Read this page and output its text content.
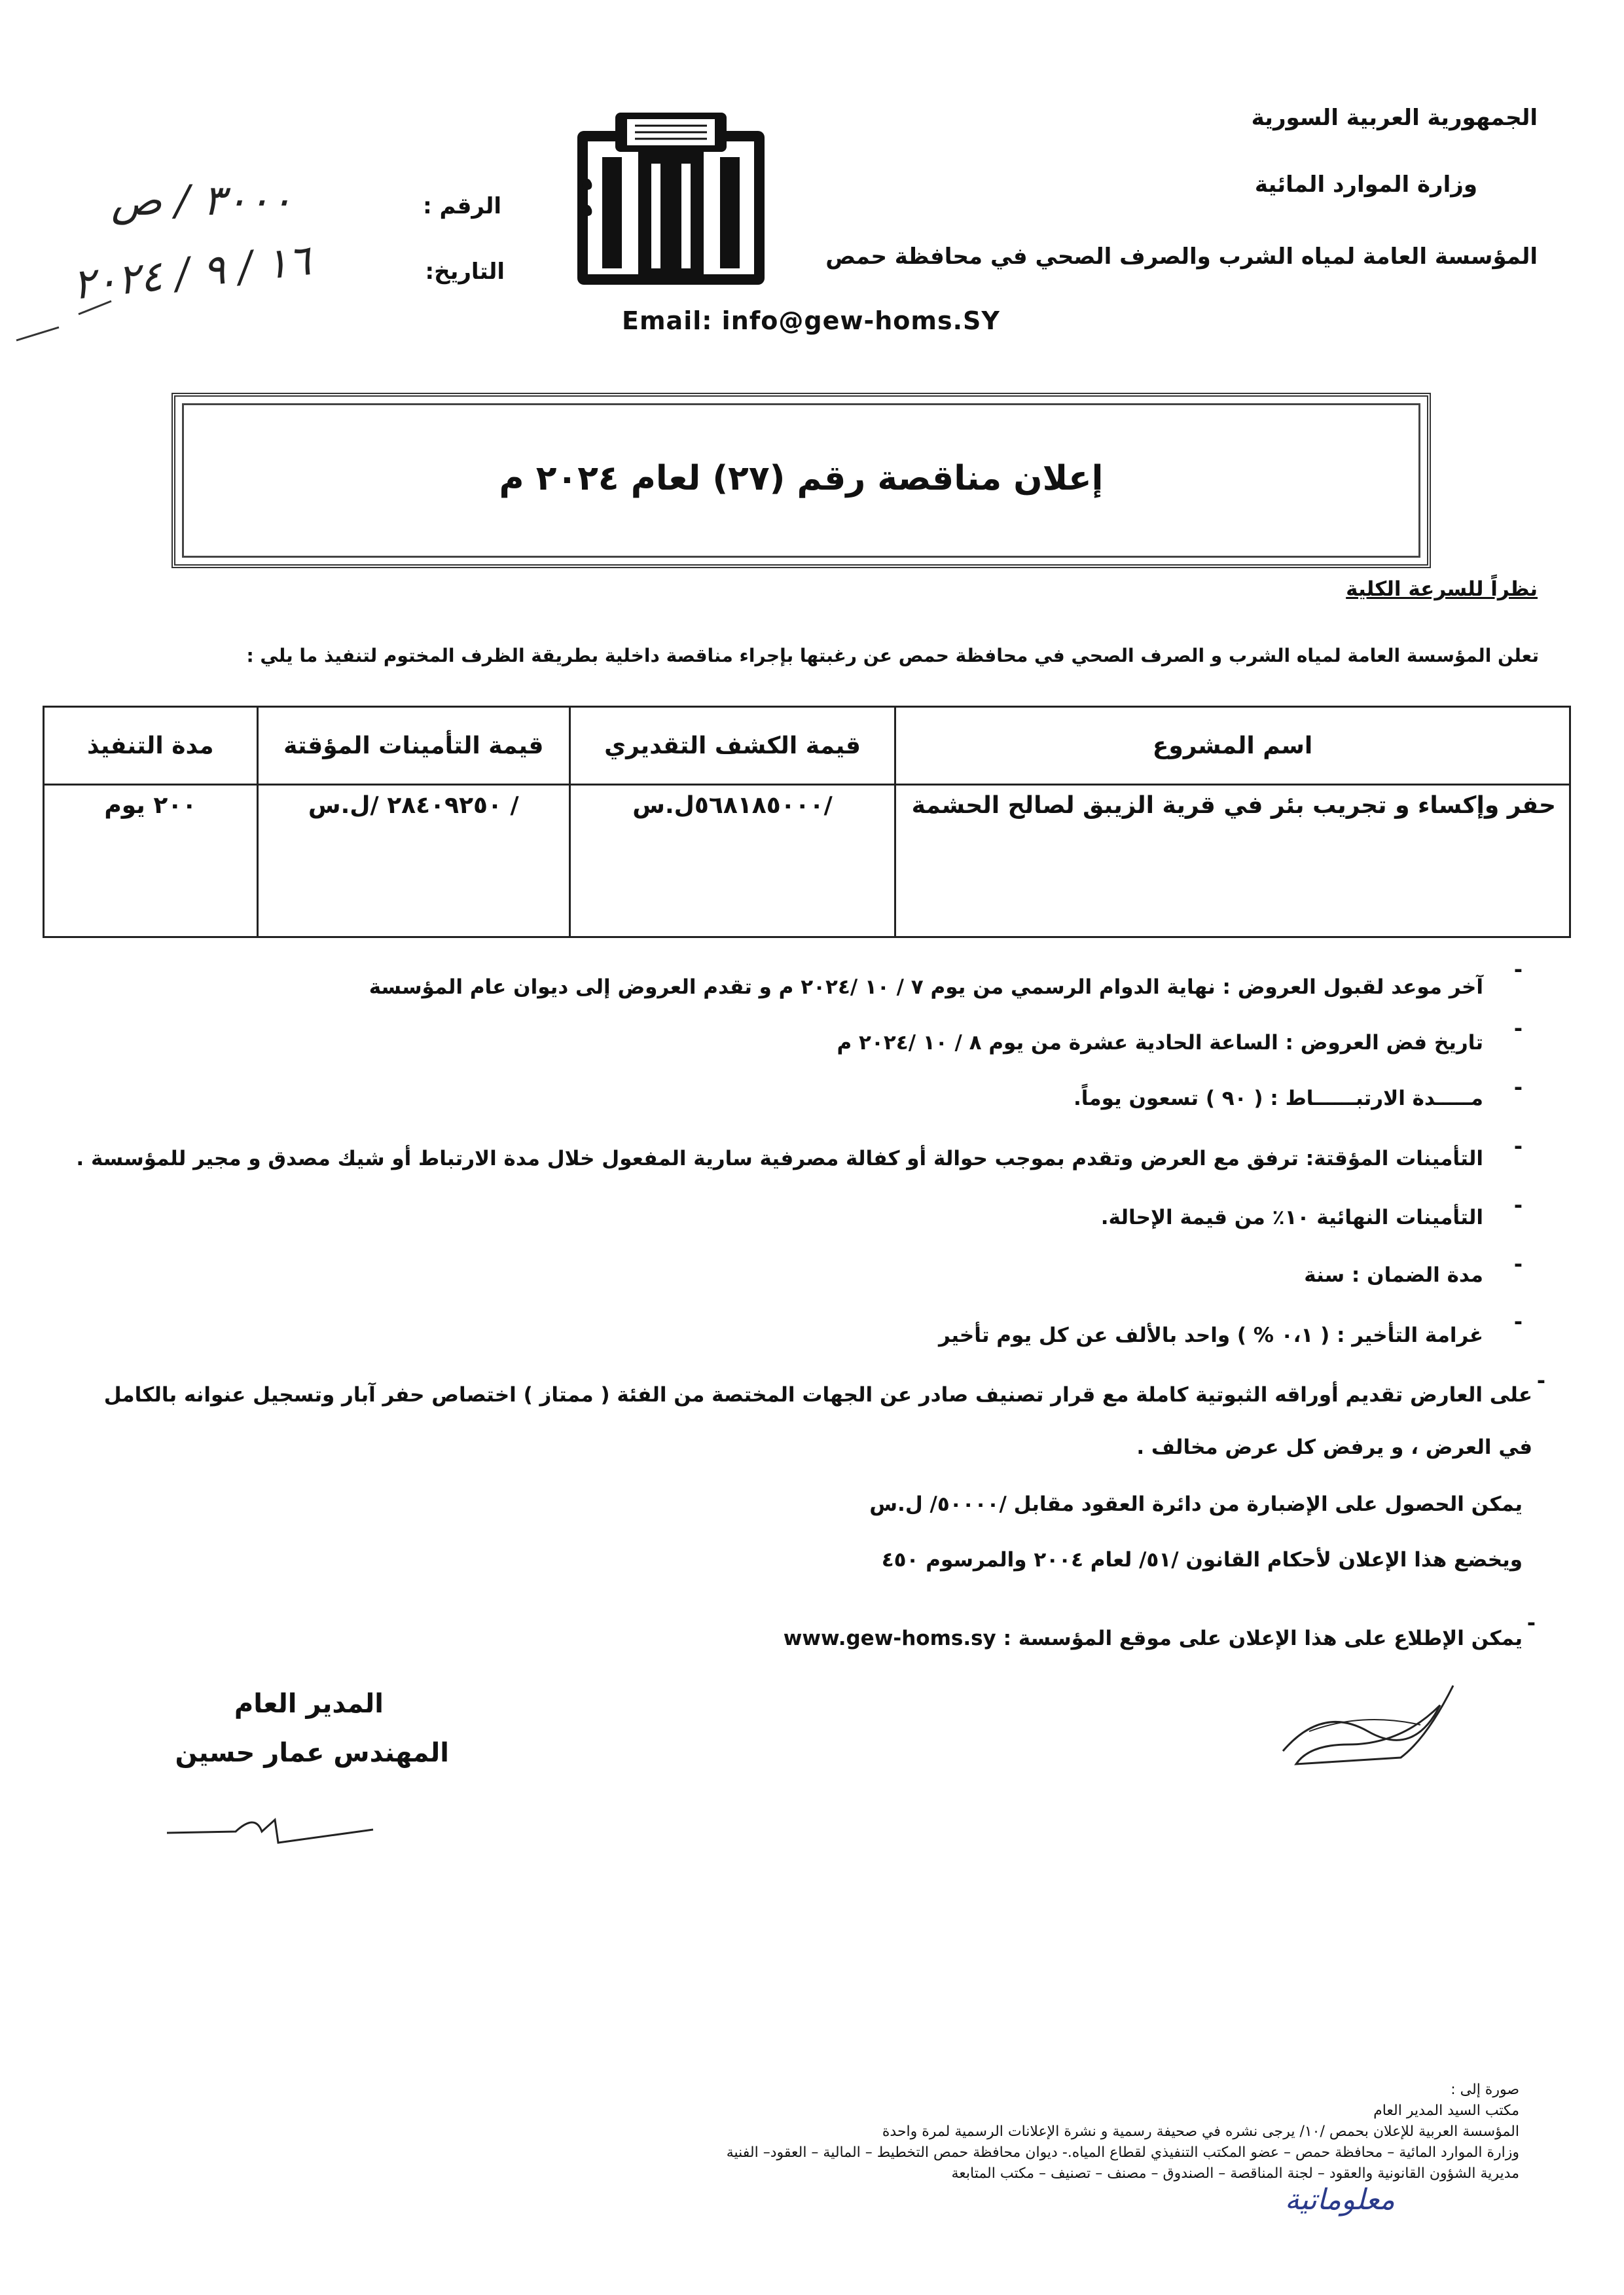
الجمهورية العربية السورية
وزارة الموارد المائية
المؤسسة العامة لمياه الشرب والصرف الصحي في محافظة حمص
Email: info@gew-homs.SY
الرقم :
التاريخ:
٣٠٠٠ / ص
١٦ / ٩ / ٢٠٢٤
إعلان مناقصة رقم (٢٧) لعام ٢٠٢٤ م
نظراً للسرعة الكلية
تعلن المؤسسة العامة لمياه الشرب و الصرف الصحي في محافظة حمص عن رغبتها بإجراء مناقصة داخلية بطريقة الظرف المختوم لتنفيذ ما يلي :
اسم المشروع	قيمة الكشف التقديري	قيمة التأمينات المؤقتة	مدة التنفيذ
حفر وإكساء و تجريب بئر في قرية الزيبق لصالح الحشمة	/٥٦٨١٨٥٠٠٠ل.س	/ ٢٨٤٠٩٢٥٠ /ل.س	٢٠٠ يوم
-
آخر موعد لقبول العروض : نهاية الدوام الرسمي من يوم ٧ / ١٠ /٢٠٢٤ م و تقدم العروض إلى ديوان عام المؤسسة
-
تاريخ فض العروض : الساعة الحادية عشرة من يوم ٨ / ١٠ /٢٠٢٤ م
-
مـــــدة الارتبــــــاط : ( ٩٠ ) تسعون يوماً.
-
التأمينات المؤقتة: ترفق مع العرض وتقدم بموجب حوالة أو كفالة مصرفية سارية المفعول خلال مدة الارتباط أو شيك مصدق و مجير للمؤسسة .
-
التأمينات النهائية ١٠٪ من قيمة الإحالة.
-
مدة الضمان : سنة
-
غرامة التأخير : ( ٠،١ % ) واحد بالألف عن كل يوم تأخير
-
على العارض تقديم أوراقه الثبوتية كاملة مع قرار تصنيف صادر عن الجهات المختصة من الفئة ( ممتاز ) اختصاص حفر آبار وتسجيل عنوانه بالكامل
في العرض ، و يرفض كل عرض مخالف .
يمكن الحصول على الإضبارة من دائرة العقود مقابل /٥٠٠٠٠/ ل.س
ويخضع هذا الإعلان لأحكام القانون /٥١/ لعام ٢٠٠٤ والمرسوم ٤٥٠
-
يمكن الإطلاع على هذا الإعلان على موقع المؤسسة : www.gew-homs.sy
المدير العام
المهندس عمار حسين
صورة إلى :
مكتب السيد المدير العام
المؤسسة العربية للإعلان بحمص /١٠/ يرجى نشره في صحيفة رسمية و نشرة الإعلانات الرسمية لمرة واحدة
وزارة الموارد المائية – محافظة حمص – عضو المكتب التنفيذي لقطاع المياه.- ديوان محافظة حمص التخطيط – المالية – العقود– الفنية
مديرية الشؤون القانونية والعقود – لجنة المناقصة – الصندوق – مصنف – تصنيف – مكتب المتابعة
معلوماتية
